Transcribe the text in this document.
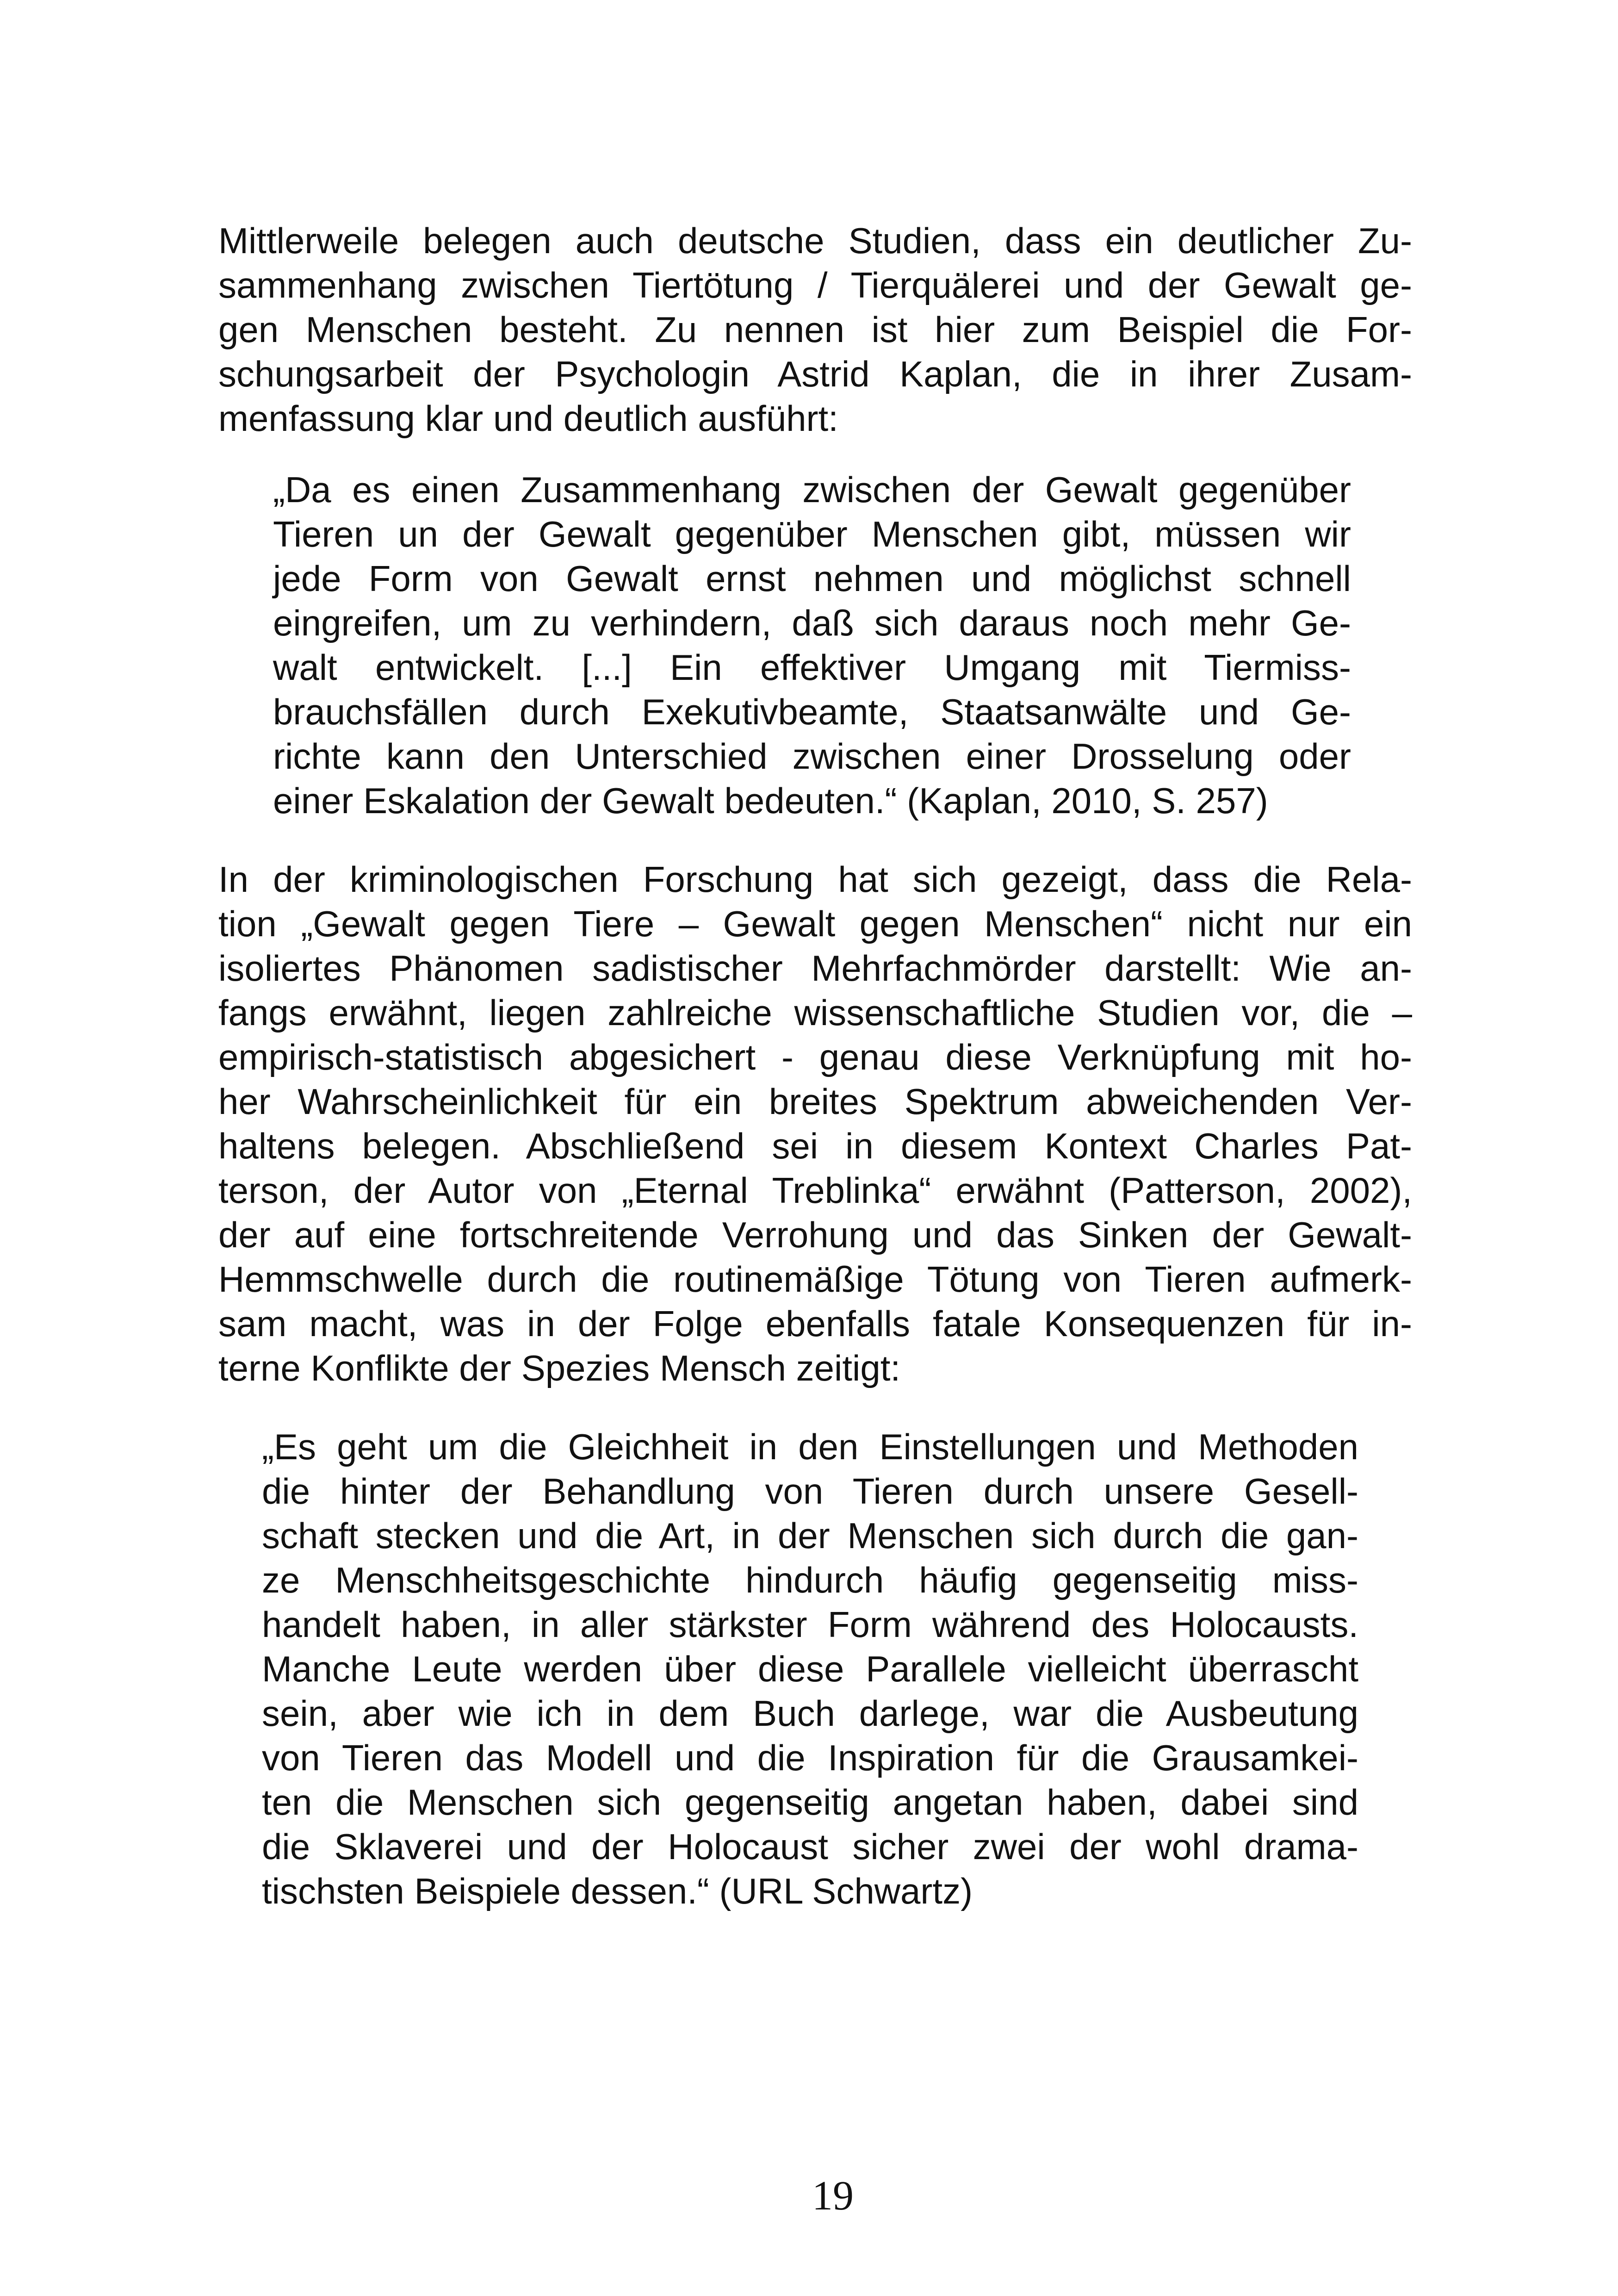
Mittlerweile belegen auch deutsche Studien, dass ein deutlicher Zu-
sammenhang zwischen Tiertötung / Tierquälerei und der Gewalt ge-
gen Menschen besteht. Zu nennen ist hier zum Beispiel die For-
schungsarbeit der Psychologin Astrid Kaplan, die in ihrer Zusam-
menfassung klar und deutlich ausführt:
„Da es einen Zusammenhang zwischen der Gewalt gegenüber
Tieren un der Gewalt gegenüber Menschen gibt, müssen wir
jede Form von Gewalt ernst nehmen und möglichst schnell
eingreifen, um zu verhindern, daß sich daraus noch mehr Ge-
walt entwickelt. [...] Ein effektiver Umgang mit Tiermiss-
brauchsfällen durch Exekutivbeamte, Staatsanwälte und Ge-
richte kann den Unterschied zwischen einer Drosselung oder
einer Eskalation der Gewalt bedeuten.“ (Kaplan, 2010, S. 257)
In der kriminologischen Forschung hat sich gezeigt, dass die Rela-
tion „Gewalt gegen Tiere – Gewalt gegen Menschen“ nicht nur ein
isoliertes Phänomen sadistischer Mehrfachmörder darstellt: Wie an-
fangs erwähnt, liegen zahlreiche wissenschaftliche Studien vor, die –
empirisch-statistisch abgesichert - genau diese Verknüpfung mit ho-
her Wahrscheinlichkeit für ein breites Spektrum abweichenden Ver-
haltens belegen. Abschließend sei in diesem Kontext Charles Pat-
terson, der Autor von „Eternal Treblinka“ erwähnt (Patterson, 2002),
der auf eine fortschreitende Verrohung und das Sinken der Gewalt-
Hemmschwelle durch die routinemäßige Tötung von Tieren aufmerk-
sam macht, was in der Folge ebenfalls fatale Konsequenzen für in-
terne Konflikte der Spezies Mensch zeitigt:
„Es geht um die Gleichheit in den Einstellungen und Methoden
die hinter der Behandlung von Tieren durch unsere Gesell-
schaft stecken und die Art, in der Menschen sich durch die gan-
ze Menschheitsgeschichte hindurch häufig gegenseitig miss-
handelt haben, in aller stärkster Form während des Holocausts.
Manche Leute werden über diese Parallele vielleicht überrascht
sein, aber wie ich in dem Buch darlege, war die Ausbeutung
von Tieren das Modell und die Inspiration für die Grausamkei-
ten die Menschen sich gegenseitig angetan haben, dabei sind
die Sklaverei und der Holocaust sicher zwei der wohl drama-
tischsten Beispiele dessen.“ (URL Schwartz)
19
